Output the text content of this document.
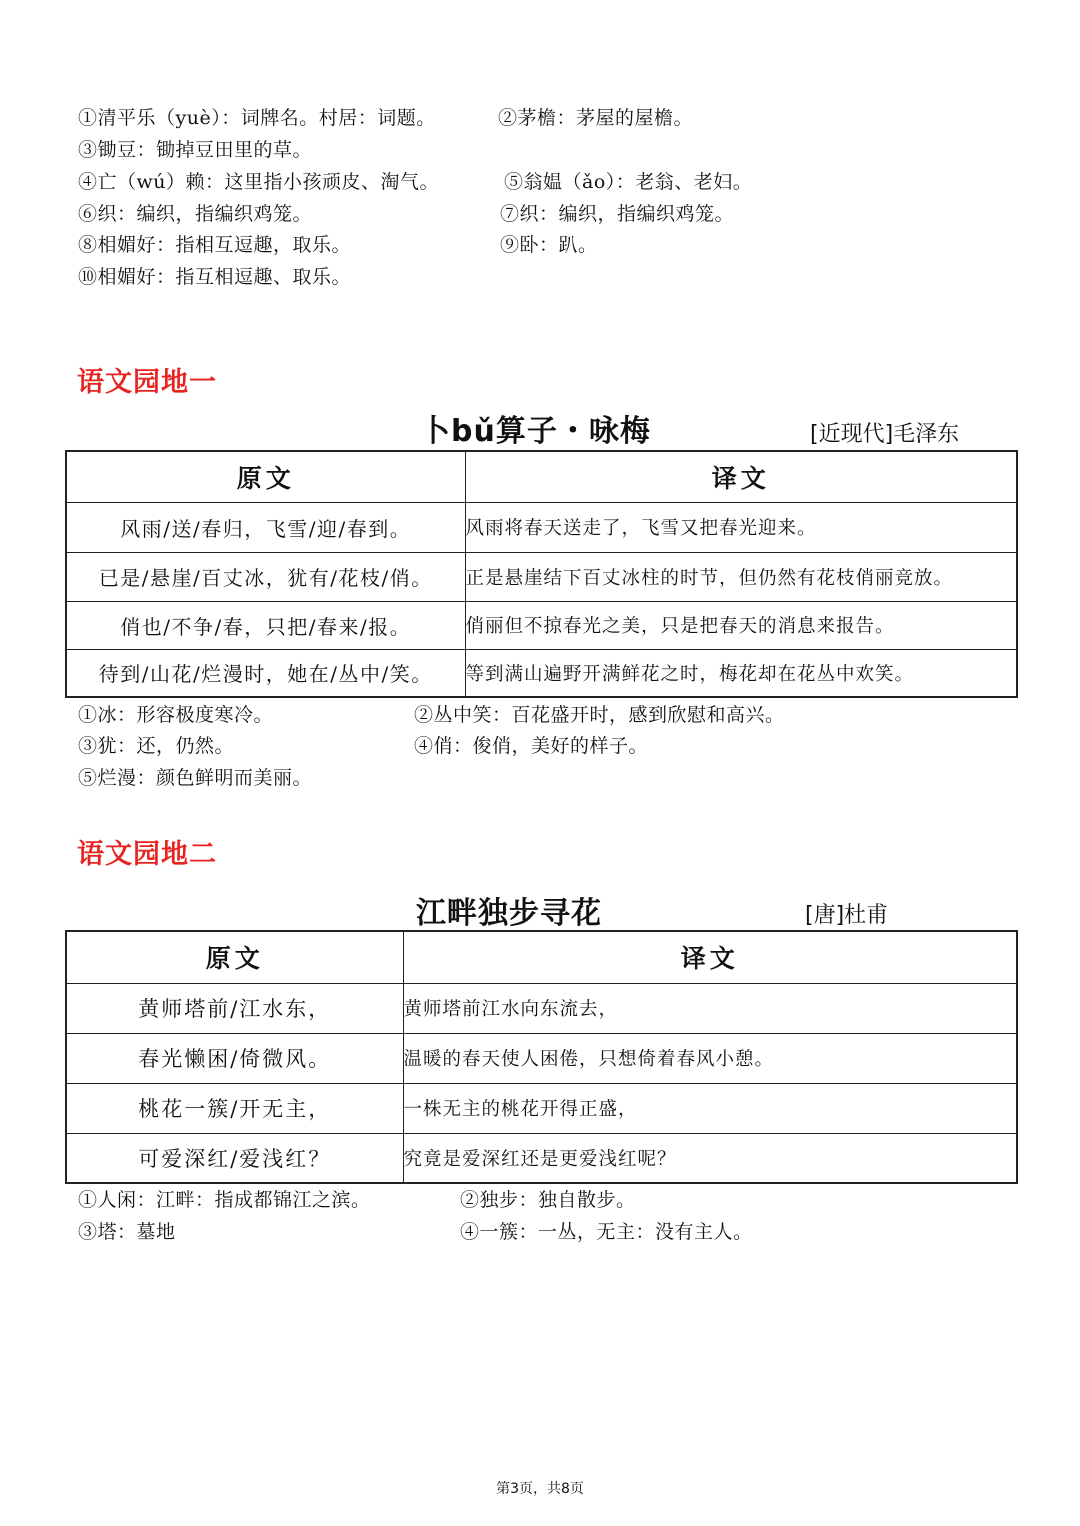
①清平乐（yuè）：词牌名。村居：词题。	②茅檐：茅屋的屋檐。
③锄豆：锄掉豆田里的草。
④亡（wú）赖：这里指小孩顽皮、淘气。	⑤翁媪（ǎo）：老翁、老妇。
⑥织：编织，指编织鸡笼。	⑦织：编织，指编织鸡笼。
⑧相媚好：指相互逗趣，取乐。	⑨卧：趴。
⑩相媚好：指互相逗趣、取乐。
语文园地一
卜bǔ算子・咏梅	[近现代]毛泽东
原文	译文
风雨/送/春归，飞雪/迎/春到。	风雨将春天送走了，飞雪又把春光迎来。
已是/悬崖/百丈冰，犹有/花枝/俏。	正是悬崖结下百丈冰柱的时节，但仍然有花枝俏丽竞放。
俏也/不争/春，只把/春来/报。	俏丽但不掠春光之美，只是把春天的消息来报告。
待到/山花/烂漫时，她在/丛中/笑。	等到满山遍野开满鲜花之时，梅花却在花丛中欢笑。
①冰：形容极度寒冷。	②丛中笑：百花盛开时，感到欣慰和高兴。
③犹：还，仍然。	④俏：俊俏，美好的样子。
⑤烂漫：颜色鲜明而美丽。
语文园地二
江畔独步寻花	[唐]杜甫
原文	译文
黄师塔前/江水东，	黄师塔前江水向东流去，
春光懒困/倚微风。	温暖的春天使人困倦，只想倚着春风小憩。
桃花一簇/开无主，	一株无主的桃花开得正盛，
可爱深红/爱浅红？	究竟是爱深红还是更爱浅红呢？
①人闲：江畔：指成都锦江之滨。	②独步：独自散步。
③塔：墓地	④一簇：一丛，无主：没有主人。
第3页，共8页
